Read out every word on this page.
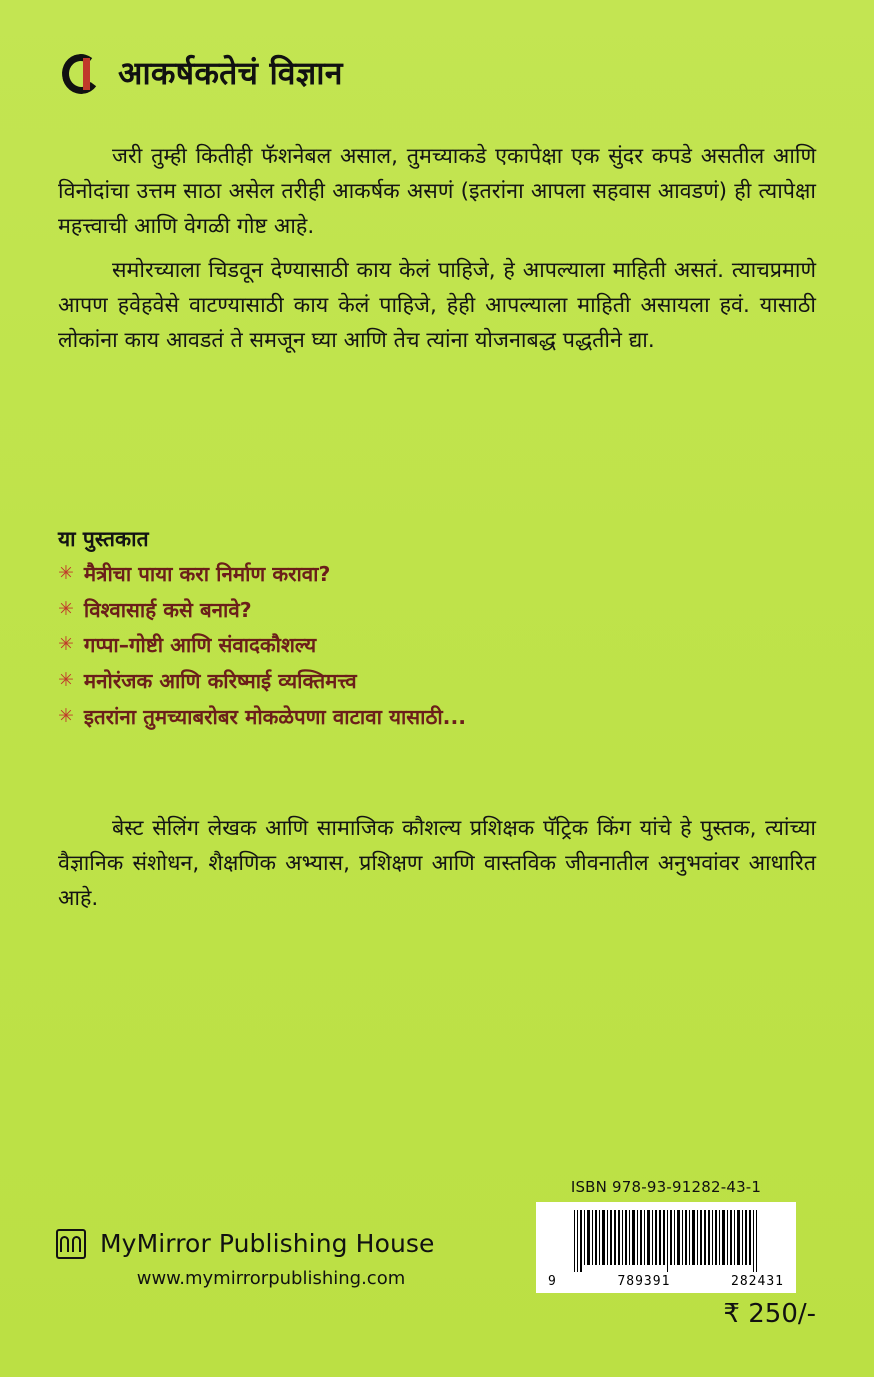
आकर्षकतेचं विज्ञान

जरी तुम्ही कितीही फॅशनेबल असाल, तुमच्याकडे एकापेक्षा एक सुंदर कपडे असतील आणि विनोदांचा उत्तम साठा असेल तरीही आकर्षक असणं (इतरांना आपला सहवास आवडणं) ही त्यापेक्षा महत्त्वाची आणि वेगळी गोष्ट आहे.

समोरच्याला चिडवून देण्यासाठी काय केलं पाहिजे, हे आपल्याला माहिती असतं. त्याचप्रमाणे आपण हवेहवेसे वाटण्यासाठी काय केलं पाहिजे, हेही आपल्याला माहिती असायला हवं. यासाठी लोकांना काय आवडतं ते समजून घ्या आणि तेच त्यांना योजनाबद्ध पद्धतीने द्या.

या पुस्तकात
✳ मैत्रीचा पाया करा निर्माण करावा?
✳ विश्वासार्ह कसे बनावे?
✳ गप्पा–गोष्टी आणि संवादकौशल्य
✳ मनोरंजक आणि करिष्माई व्यक्तिमत्त्व
✳ इतरांना तुमच्याबरोबर मोकळेपणा वाटावा यासाठी...

बेस्ट सेलिंग लेखक आणि सामाजिक कौशल्य प्रशिक्षक पॅट्रिक किंग यांचे हे पुस्तक, त्यांच्या वैज्ञानिक संशोधन, शैक्षणिक अभ्यास, प्रशिक्षण आणि वास्तविक जीवनातील अनुभवांवर आधारित आहे.

MyMirror Publishing House
www.mymirrorpublishing.com
ISBN 978-93-91282-43-1
9	789391	282431
₹ 250/-
